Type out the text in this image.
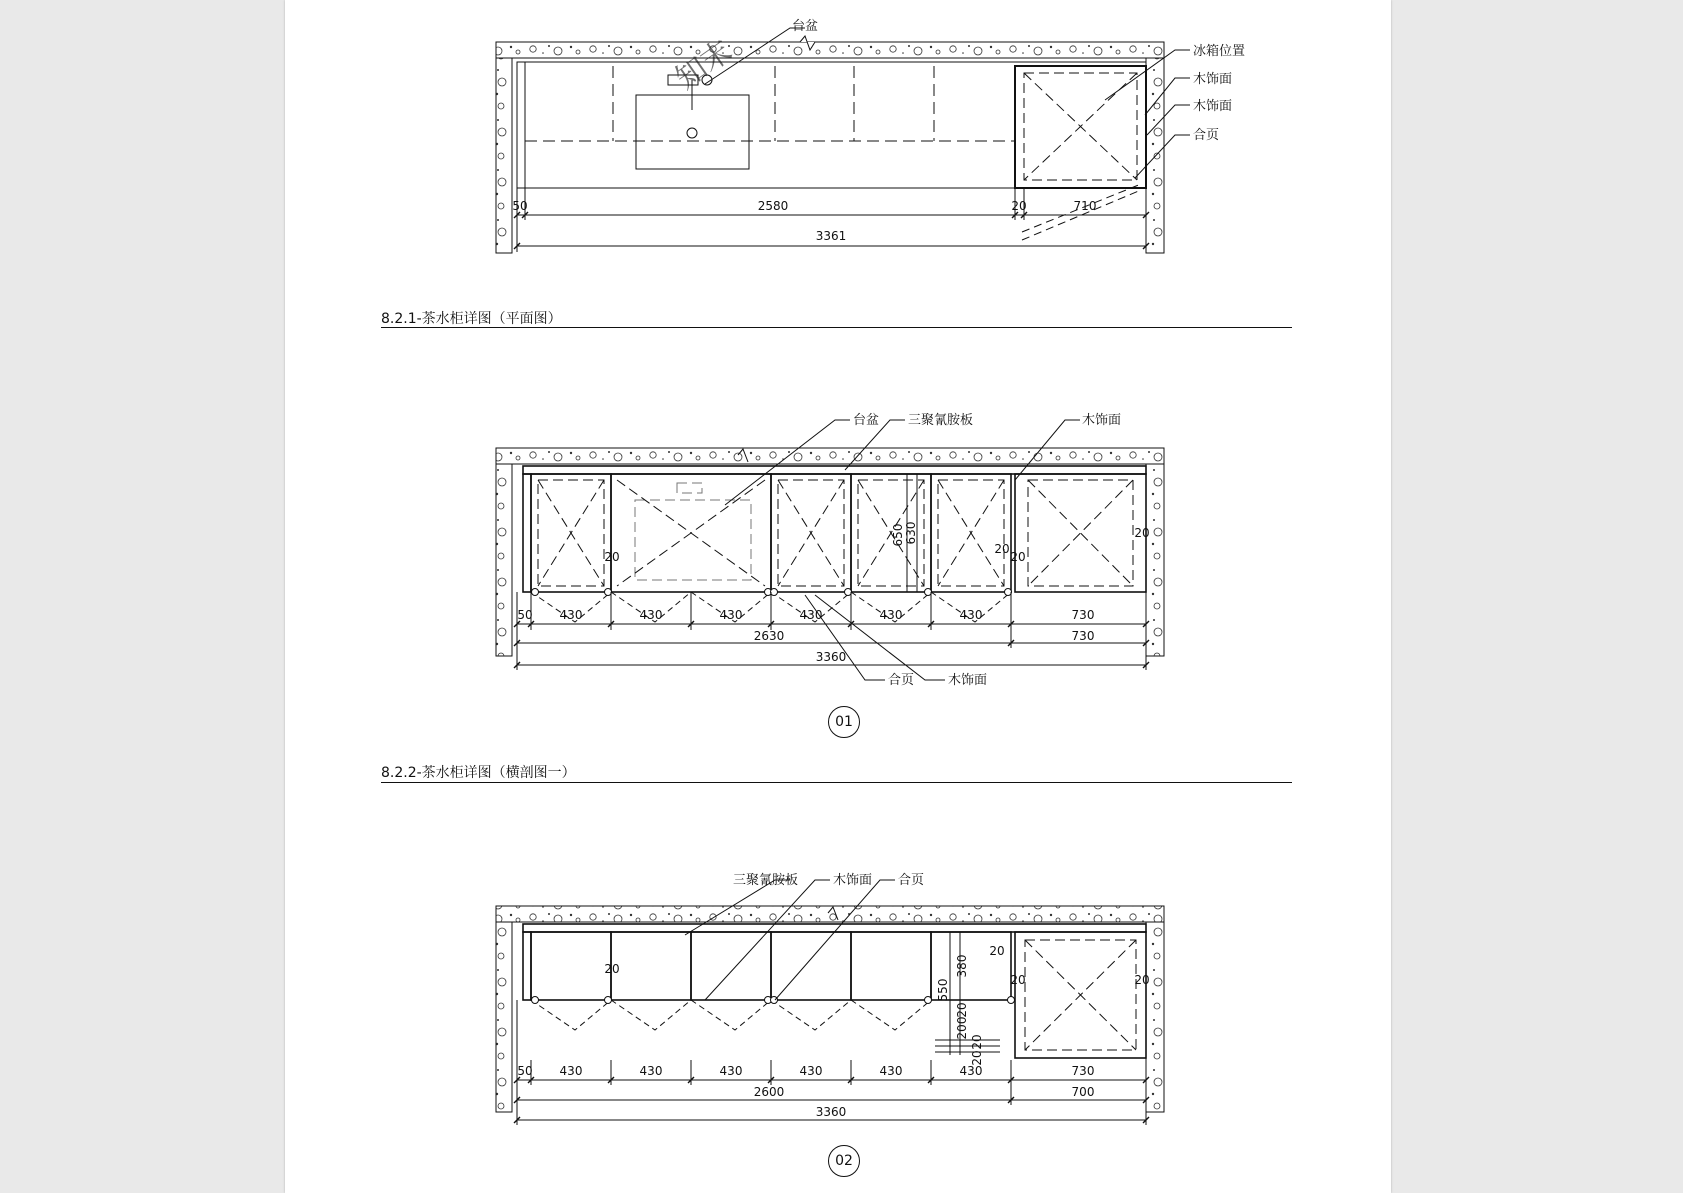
台盆
冰箱位置
木饰面
木饰面
合页
50	2580	20	710
3361
台盆 三聚氰胺板	木饰面
合页	木饰面
50 430	430	430	430	430	430	730
2630	730
3360
20
20
20
650 630	20
三聚氰胺板	木饰面 合页
50 430	430	430	430	430	430	730
2600	700
3360
20
20
20
380
550
20
20
200
20
20
知末
8.2.1-茶水柜详图（平面图）
01
8.2.2-茶水柜详图（横剖图一）
02
